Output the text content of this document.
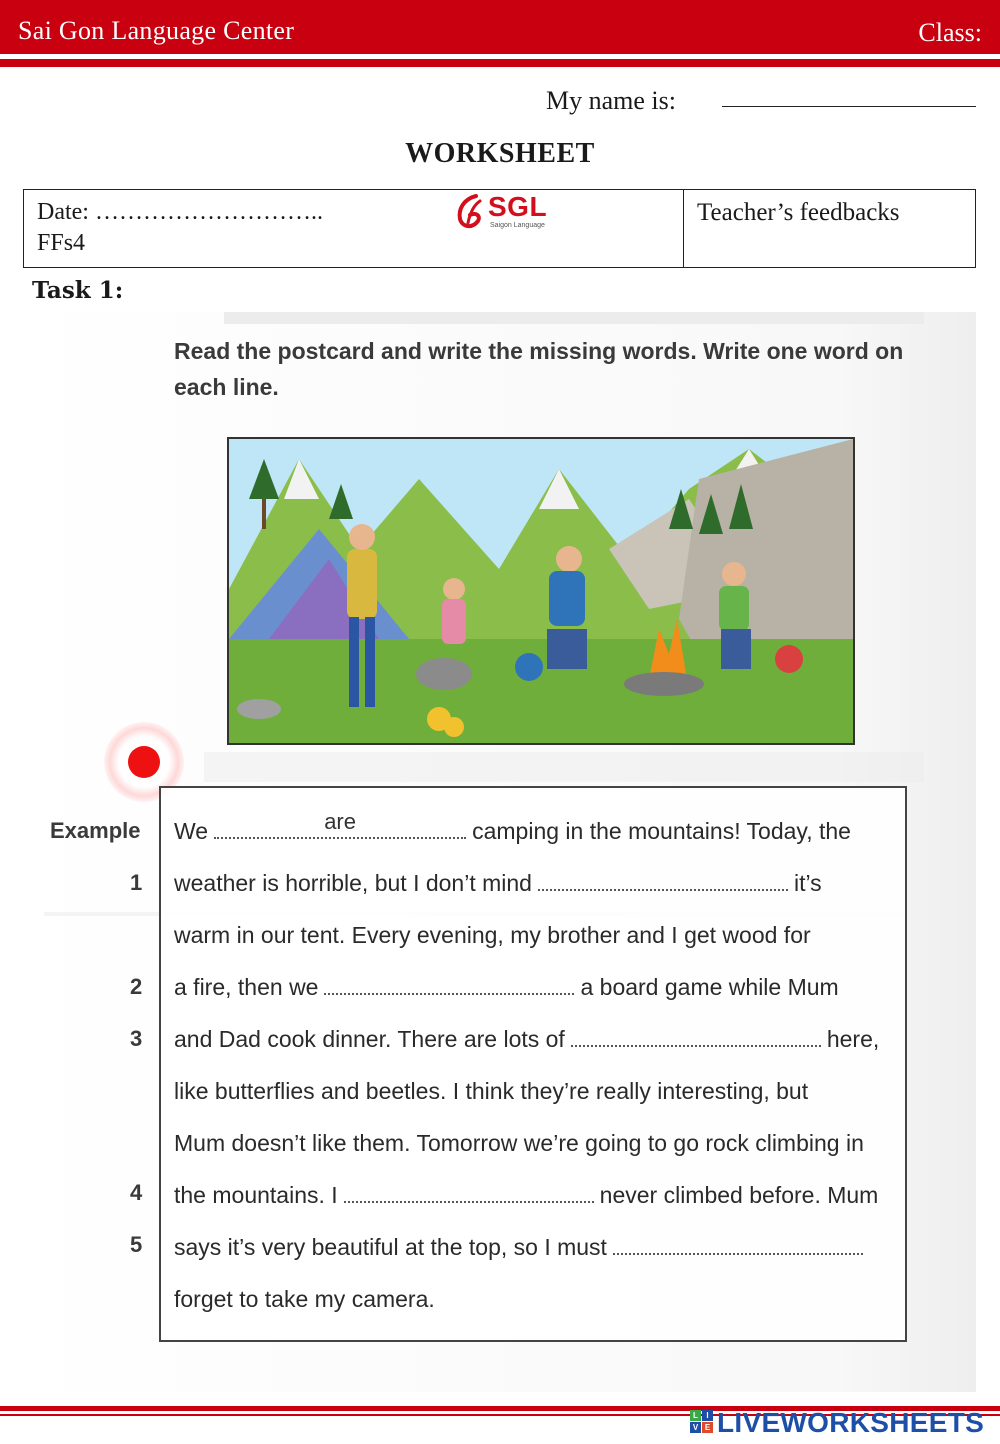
Sai Gon Language Center	Class:
My name is:
WORKSHEET
Date: ………………………..
FFs4
SGL
Saigon Language	Teacher’s feedbacks
Task 1:
Read the postcard and write the missing words. Write one word on each line.
Example
1
2
3
4
5
We	are	camping in the mountains! Today, the
weather is horrible, but I don’t mind	it’s
warm in our tent. Every evening, my brother and I get wood for
a fire, then we	a board game while Mum
and Dad cook dinner. There are lots of	here,
like butterflies and beetles. I think they’re really interesting, but
Mum doesn’t like them. Tomorrow we’re going to go rock climbing in
the mountains. I	never climbed before. Mum
says it’s very beautiful at the top, so I must
forget to take my camera.
L	I
V E LIVEWORKSHEETS
